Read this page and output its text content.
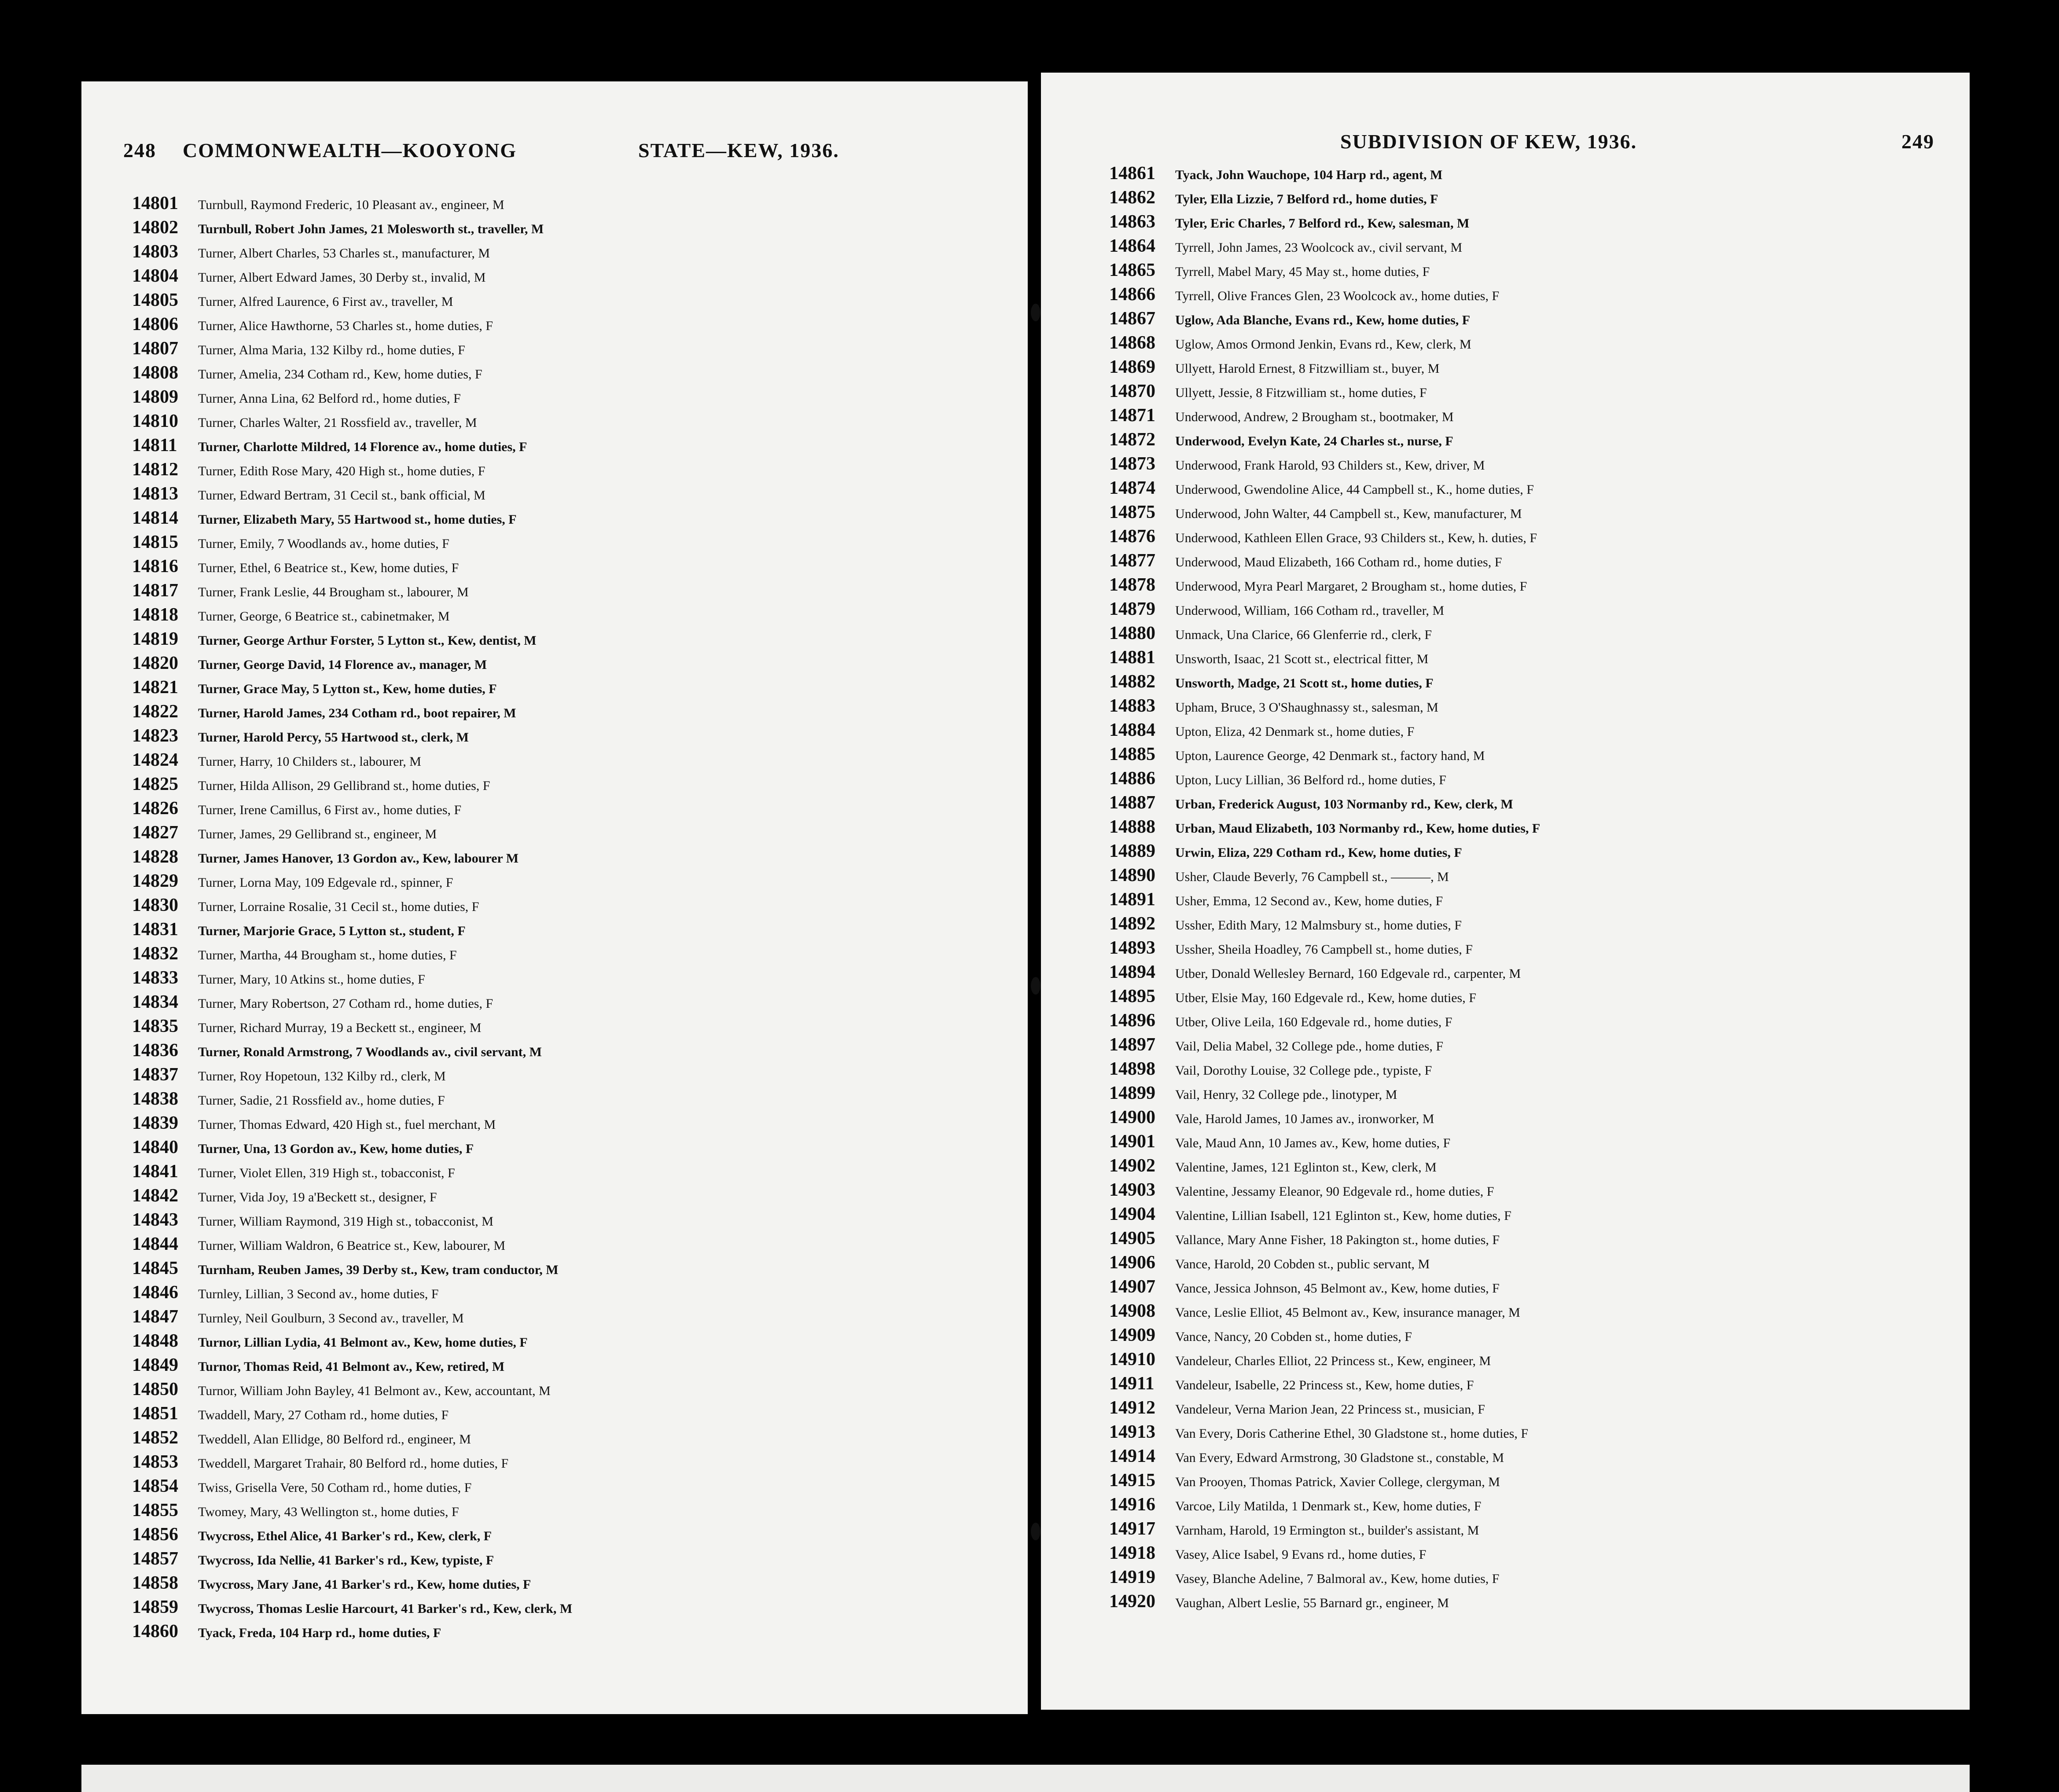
248 COMMONWEALTH—KOOYONG	STATE—KEW, 1936.
14801 Turnbull, Raymond Frederic, 10 Pleasant av., engineer, M
14802 Turnbull, Robert John James, 21 Molesworth st., traveller, M
14803 Turner, Albert Charles, 53 Charles st., manufacturer, M
14804 Turner, Albert Edward James, 30 Derby st., invalid, M
14805 Turner, Alfred Laurence, 6 First av., traveller, M
14806 Turner, Alice Hawthorne, 53 Charles st., home duties, F
14807 Turner, Alma Maria, 132 Kilby rd., home duties, F
14808 Turner, Amelia, 234 Cotham rd., Kew, home duties, F
14809 Turner, Anna Lina, 62 Belford rd., home duties, F
14810 Turner, Charles Walter, 21 Rossfield av., traveller, M
14811 Turner, Charlotte Mildred, 14 Florence av., home duties, F
14812 Turner, Edith Rose Mary, 420 High st., home duties, F
14813 Turner, Edward Bertram, 31 Cecil st., bank official, M
14814 Turner, Elizabeth Mary, 55 Hartwood st., home duties, F
14815 Turner, Emily, 7 Woodlands av., home duties, F
14816 Turner, Ethel, 6 Beatrice st., Kew, home duties, F
14817 Turner, Frank Leslie, 44 Brougham st., labourer, M
14818 Turner, George, 6 Beatrice st., cabinetmaker, M
14819 Turner, George Arthur Forster, 5 Lytton st., Kew, dentist, M
14820 Turner, George David, 14 Florence av., manager, M
14821 Turner, Grace May, 5 Lytton st., Kew, home duties, F
14822 Turner, Harold James, 234 Cotham rd., boot repairer, M
14823 Turner, Harold Percy, 55 Hartwood st., clerk, M
14824 Turner, Harry, 10 Childers st., labourer, M
14825 Turner, Hilda Allison, 29 Gellibrand st., home duties, F
14826 Turner, Irene Camillus, 6 First av., home duties, F
14827 Turner, James, 29 Gellibrand st., engineer, M
14828 Turner, James Hanover, 13 Gordon av., Kew, labourer M
14829 Turner, Lorna May, 109 Edgevale rd., spinner, F
14830 Turner, Lorraine Rosalie, 31 Cecil st., home duties, F
14831 Turner, Marjorie Grace, 5 Lytton st., student, F
14832 Turner, Martha, 44 Brougham st., home duties, F
14833 Turner, Mary, 10 Atkins st., home duties, F
14834 Turner, Mary Robertson, 27 Cotham rd., home duties, F
14835 Turner, Richard Murray, 19 a Beckett st., engineer, M
14836 Turner, Ronald Armstrong, 7 Woodlands av., civil servant, M
14837 Turner, Roy Hopetoun, 132 Kilby rd., clerk, M
14838 Turner, Sadie, 21 Rossfield av., home duties, F
14839 Turner, Thomas Edward, 420 High st., fuel merchant, M
14840 Turner, Una, 13 Gordon av., Kew, home duties, F
14841 Turner, Violet Ellen, 319 High st., tobacconist, F
14842 Turner, Vida Joy, 19 a'Beckett st., designer, F
14843 Turner, William Raymond, 319 High st., tobacconist, M
14844 Turner, William Waldron, 6 Beatrice st., Kew, labourer, M
14845 Turnham, Reuben James, 39 Derby st., Kew, tram conductor, M
14846 Turnley, Lillian, 3 Second av., home duties, F
14847 Turnley, Neil Goulburn, 3 Second av., traveller, M
14848 Turnor, Lillian Lydia, 41 Belmont av., Kew, home duties, F
14849 Turnor, Thomas Reid, 41 Belmont av., Kew, retired, M
14850 Turnor, William John Bayley, 41 Belmont av., Kew, accountant, M
14851 Twaddell, Mary, 27 Cotham rd., home duties, F
14852 Tweddell, Alan Ellidge, 80 Belford rd., engineer, M
14853 Tweddell, Margaret Trahair, 80 Belford rd., home duties, F
14854 Twiss, Grisella Vere, 50 Cotham rd., home duties, F
14855 Twomey, Mary, 43 Wellington st., home duties, F
14856 Twycross, Ethel Alice, 41 Barker's rd., Kew, clerk, F
14857 Twycross, Ida Nellie, 41 Barker's rd., Kew, typiste, F
14858 Twycross, Mary Jane, 41 Barker's rd., Kew, home duties, F
14859 Twycross, Thomas Leslie Harcourt, 41 Barker's rd., Kew, clerk, M
14860 Tyack, Freda, 104 Harp rd., home duties, F
SUBDIVISION OF KEW, 1936.	249
14861 Tyack, John Wauchope, 104 Harp rd., agent, M
14862 Tyler, Ella Lizzie, 7 Belford rd., home duties, F
14863 Tyler, Eric Charles, 7 Belford rd., Kew, salesman, M
14864 Tyrrell, John James, 23 Woolcock av., civil servant, M
14865 Tyrrell, Mabel Mary, 45 May st., home duties, F
14866 Tyrrell, Olive Frances Glen, 23 Woolcock av., home duties, F
14867 Uglow, Ada Blanche, Evans rd., Kew, home duties, F
14868 Uglow, Amos Ormond Jenkin, Evans rd., Kew, clerk, M
14869 Ullyett, Harold Ernest, 8 Fitzwilliam st., buyer, M
14870 Ullyett, Jessie, 8 Fitzwilliam st., home duties, F
14871 Underwood, Andrew, 2 Brougham st., bootmaker, M
14872 Underwood, Evelyn Kate, 24 Charles st., nurse, F
14873 Underwood, Frank Harold, 93 Childers st., Kew, driver, M
14874 Underwood, Gwendoline Alice, 44 Campbell st., K., home duties, F
14875 Underwood, John Walter, 44 Campbell st., Kew, manufacturer, M
14876 Underwood, Kathleen Ellen Grace, 93 Childers st., Kew, h. duties, F
14877 Underwood, Maud Elizabeth, 166 Cotham rd., home duties, F
14878 Underwood, Myra Pearl Margaret, 2 Brougham st., home duties, F
14879 Underwood, William, 166 Cotham rd., traveller, M
14880 Unmack, Una Clarice, 66 Glenferrie rd., clerk, F
14881 Unsworth, Isaac, 21 Scott st., electrical fitter, M
14882 Unsworth, Madge, 21 Scott st., home duties, F
14883 Upham, Bruce, 3 O'Shaughnassy st., salesman, M
14884 Upton, Eliza, 42 Denmark st., home duties, F
14885 Upton, Laurence George, 42 Denmark st., factory hand, M
14886 Upton, Lucy Lillian, 36 Belford rd., home duties, F
14887 Urban, Frederick August, 103 Normanby rd., Kew, clerk, M
14888 Urban, Maud Elizabeth, 103 Normanby rd., Kew, home duties, F
14889 Urwin, Eliza, 229 Cotham rd., Kew, home duties, F
14890 Usher, Claude Beverly, 76 Campbell st., ———, M
14891 Usher, Emma, 12 Second av., Kew, home duties, F
14892 Ussher, Edith Mary, 12 Malmsbury st., home duties, F
14893 Ussher, Sheila Hoadley, 76 Campbell st., home duties, F
14894 Utber, Donald Wellesley Bernard, 160 Edgevale rd., carpenter, M
14895 Utber, Elsie May, 160 Edgevale rd., Kew, home duties, F
14896 Utber, Olive Leila, 160 Edgevale rd., home duties, F
14897 Vail, Delia Mabel, 32 College pde., home duties, F
14898 Vail, Dorothy Louise, 32 College pde., typiste, F
14899 Vail, Henry, 32 College pde., linotyper, M
14900 Vale, Harold James, 10 James av., ironworker, M
14901 Vale, Maud Ann, 10 James av., Kew, home duties, F
14902 Valentine, James, 121 Eglinton st., Kew, clerk, M
14903 Valentine, Jessamy Eleanor, 90 Edgevale rd., home duties, F
14904 Valentine, Lillian Isabell, 121 Eglinton st., Kew, home duties, F
14905 Vallance, Mary Anne Fisher, 18 Pakington st., home duties, F
14906 Vance, Harold, 20 Cobden st., public servant, M
14907 Vance, Jessica Johnson, 45 Belmont av., Kew, home duties, F
14908 Vance, Leslie Elliot, 45 Belmont av., Kew, insurance manager, M
14909 Vance, Nancy, 20 Cobden st., home duties, F
14910 Vandeleur, Charles Elliot, 22 Princess st., Kew, engineer, M
14911 Vandeleur, Isabelle, 22 Princess st., Kew, home duties, F
14912 Vandeleur, Verna Marion Jean, 22 Princess st., musician, F
14913 Van Every, Doris Catherine Ethel, 30 Gladstone st., home duties, F
14914 Van Every, Edward Armstrong, 30 Gladstone st., constable, M
14915 Van Prooyen, Thomas Patrick, Xavier College, clergyman, M
14916 Varcoe, Lily Matilda, 1 Denmark st., Kew, home duties, F
14917 Varnham, Harold, 19 Ermington st., builder's assistant, M
14918 Vasey, Alice Isabel, 9 Evans rd., home duties, F
14919 Vasey, Blanche Adeline, 7 Balmoral av., Kew, home duties, F
14920 Vaughan, Albert Leslie, 55 Barnard gr., engineer, M
